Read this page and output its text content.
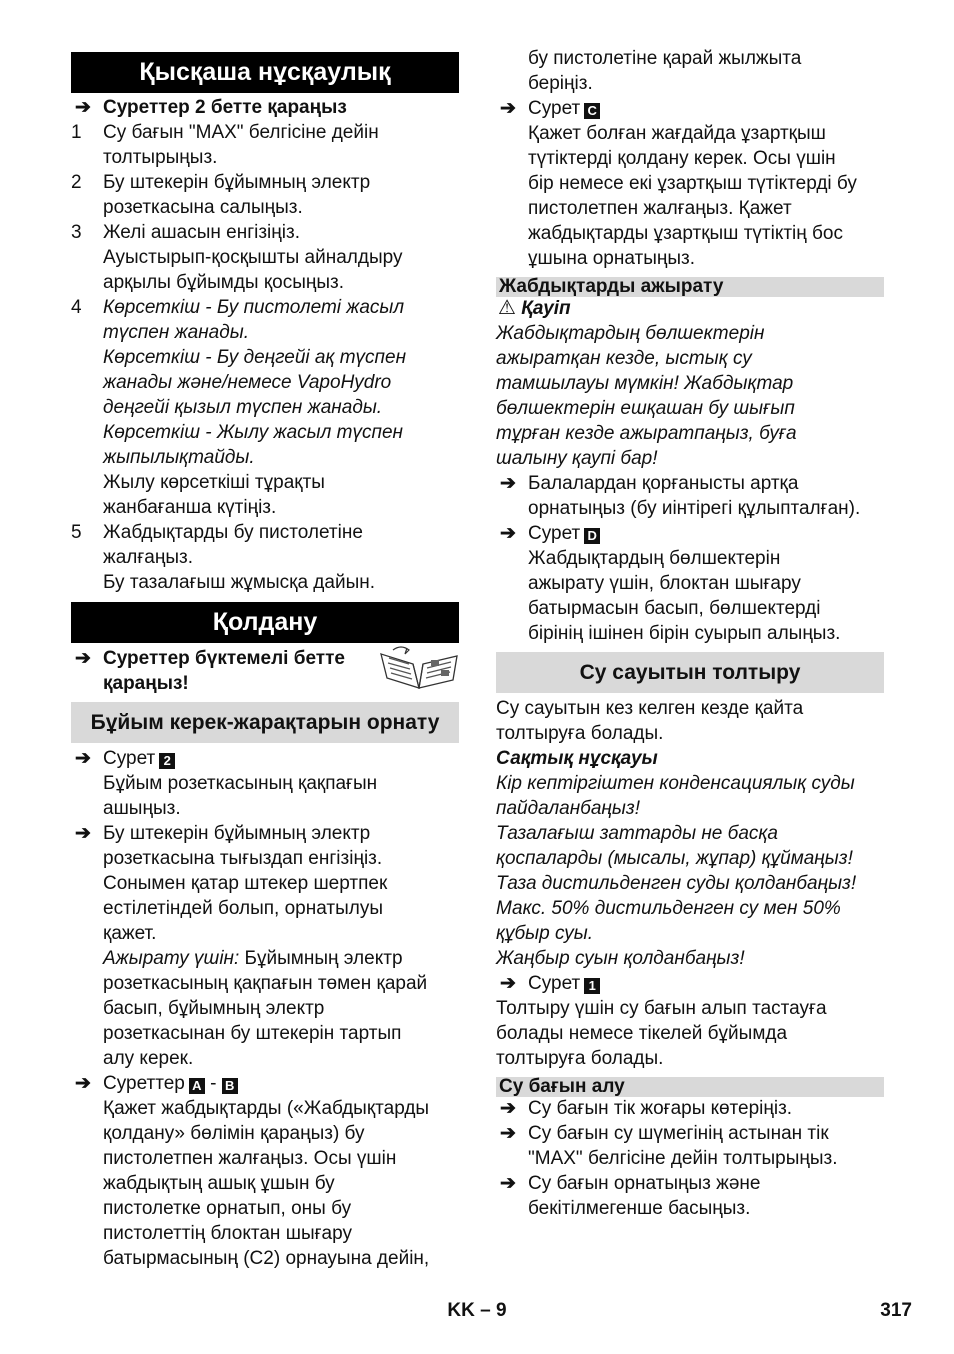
Қысқаша нұсқаулық
➔ Суреттер 2 бетте қараңыз
1 Су бағын "MAX" белгісіне дейін
толтырыңыз.
2 Бу штекерін бұйымның электр
розеткасына салыңыз.
3 Желі ашасын енгізіңіз.
Ауыстырып-қосқышты айналдыру
арқылы бұйымды қосыңыз.
4 Көрсеткіш - Бу пистолеті жасыл
түспен жанады.
Көрсеткіш - Бу деңгейі ақ түспен
жанады және/немесе VapoHydro
деңгейі қызыл түспен жанады.
Көрсеткіш - Жылу жасыл түспен
жыпылықтайды.
Жылу көрсеткіші тұрақты
жанбағанша күтіңіз.
5 Жабдықтарды бу пистолетіне
жалғаңыз.
Бу тазалағыш жұмысқа дайын.
Қолдану
➔ Суреттер бүктемелі бетте
қараңыз!
Бұйым керек-жарақтарын орнату
➔ Сурет 2
Бұйым розеткасының қақпағын
ашыңыз.
➔ Бу штекерін бұйымның электр
розеткасына тығыздап енгізіңіз.
Сонымен қатар штекер шертпек
естілетіндей болып, орнатылуы
қажет.
Ажырату үшін: Бұйымның электр
розеткасының қақпағын төмен қарай
басып, бұйымның электр
розеткасынан бу штекерін тартып
алу керек.
➔ Суреттер A - B
Қажет жабдықтарды («Жабдықтарды
қолдану» бөлімін қараңыз) бу
пистолетпен жалғаңыз. Осы үшін
жабдықтың ашық ұшын бу
пистолетке орнатып, оны бу
пистолеттің блоктан шығару
батырмасының (C2) орнауына дейін,
бу пистолетіне қарай жылжыта
беріңіз.
➔ Сурет C
Қажет болған жағдайда ұзартқыш
түтіктерді қолдану керек. Осы үшін
бір немесе екі ұзартқыш түтіктерді бу
пистолетпен жалғаңыз. Қажет
жабдықтарды ұзартқыш түтіктің бос
ұшына орнатыңыз.
Жабдықтарды ажырату
⚠ Қауіп
Жабдықтардың бөлшектерін
ажыратқан кезде, ыстық су
тамшылауы мүмкін! Жабдықтар
бөлшектерін ешқашан бу шығып
тұрған кезде ажыратпаңыз, буға
шалыну қаупі бар!
➔ Балалардан қорғанысты артқа
орнатыңыз (бу иінтірегі құлыпталған).
➔ Сурет D
Жабдықтардың бөлшектерін
ажырату үшін, блоктан шығару
батырмасын басып, бөлшектерді
бірінің ішінен бірін суырып алыңыз.
Су сауытын толтыру
Су сауытын кез келген кезде қайта
толтыруға болады.
Сақтық нұсқауы
Кір кептіргіштен конденсациялық суды
пайдаланбаңыз!
Тазалағыш заттарды не басқа
қоспаларды (мысалы, жұпар) құймаңыз!
Таза дистильденген суды қолданбаңыз!
Макс. 50% дистильденген су мен 50%
құбыр суы.
Жаңбыр суын қолданбаңыз!
➔ Сурет 1
Толтыру үшін су бағын алып тастауға
болады немесе тікелей бұйымда
толтыруға болады.
Су бағын алу
➔ Су бағын тік жоғары көтеріңіз.
➔ Су бағын су шүмегінің астынан тік
"MAX" белгісіне дейін толтырыңыз.
➔ Су бағын орнатыңыз және
бекітілмегенше басыңыз.
KK – 9	317
